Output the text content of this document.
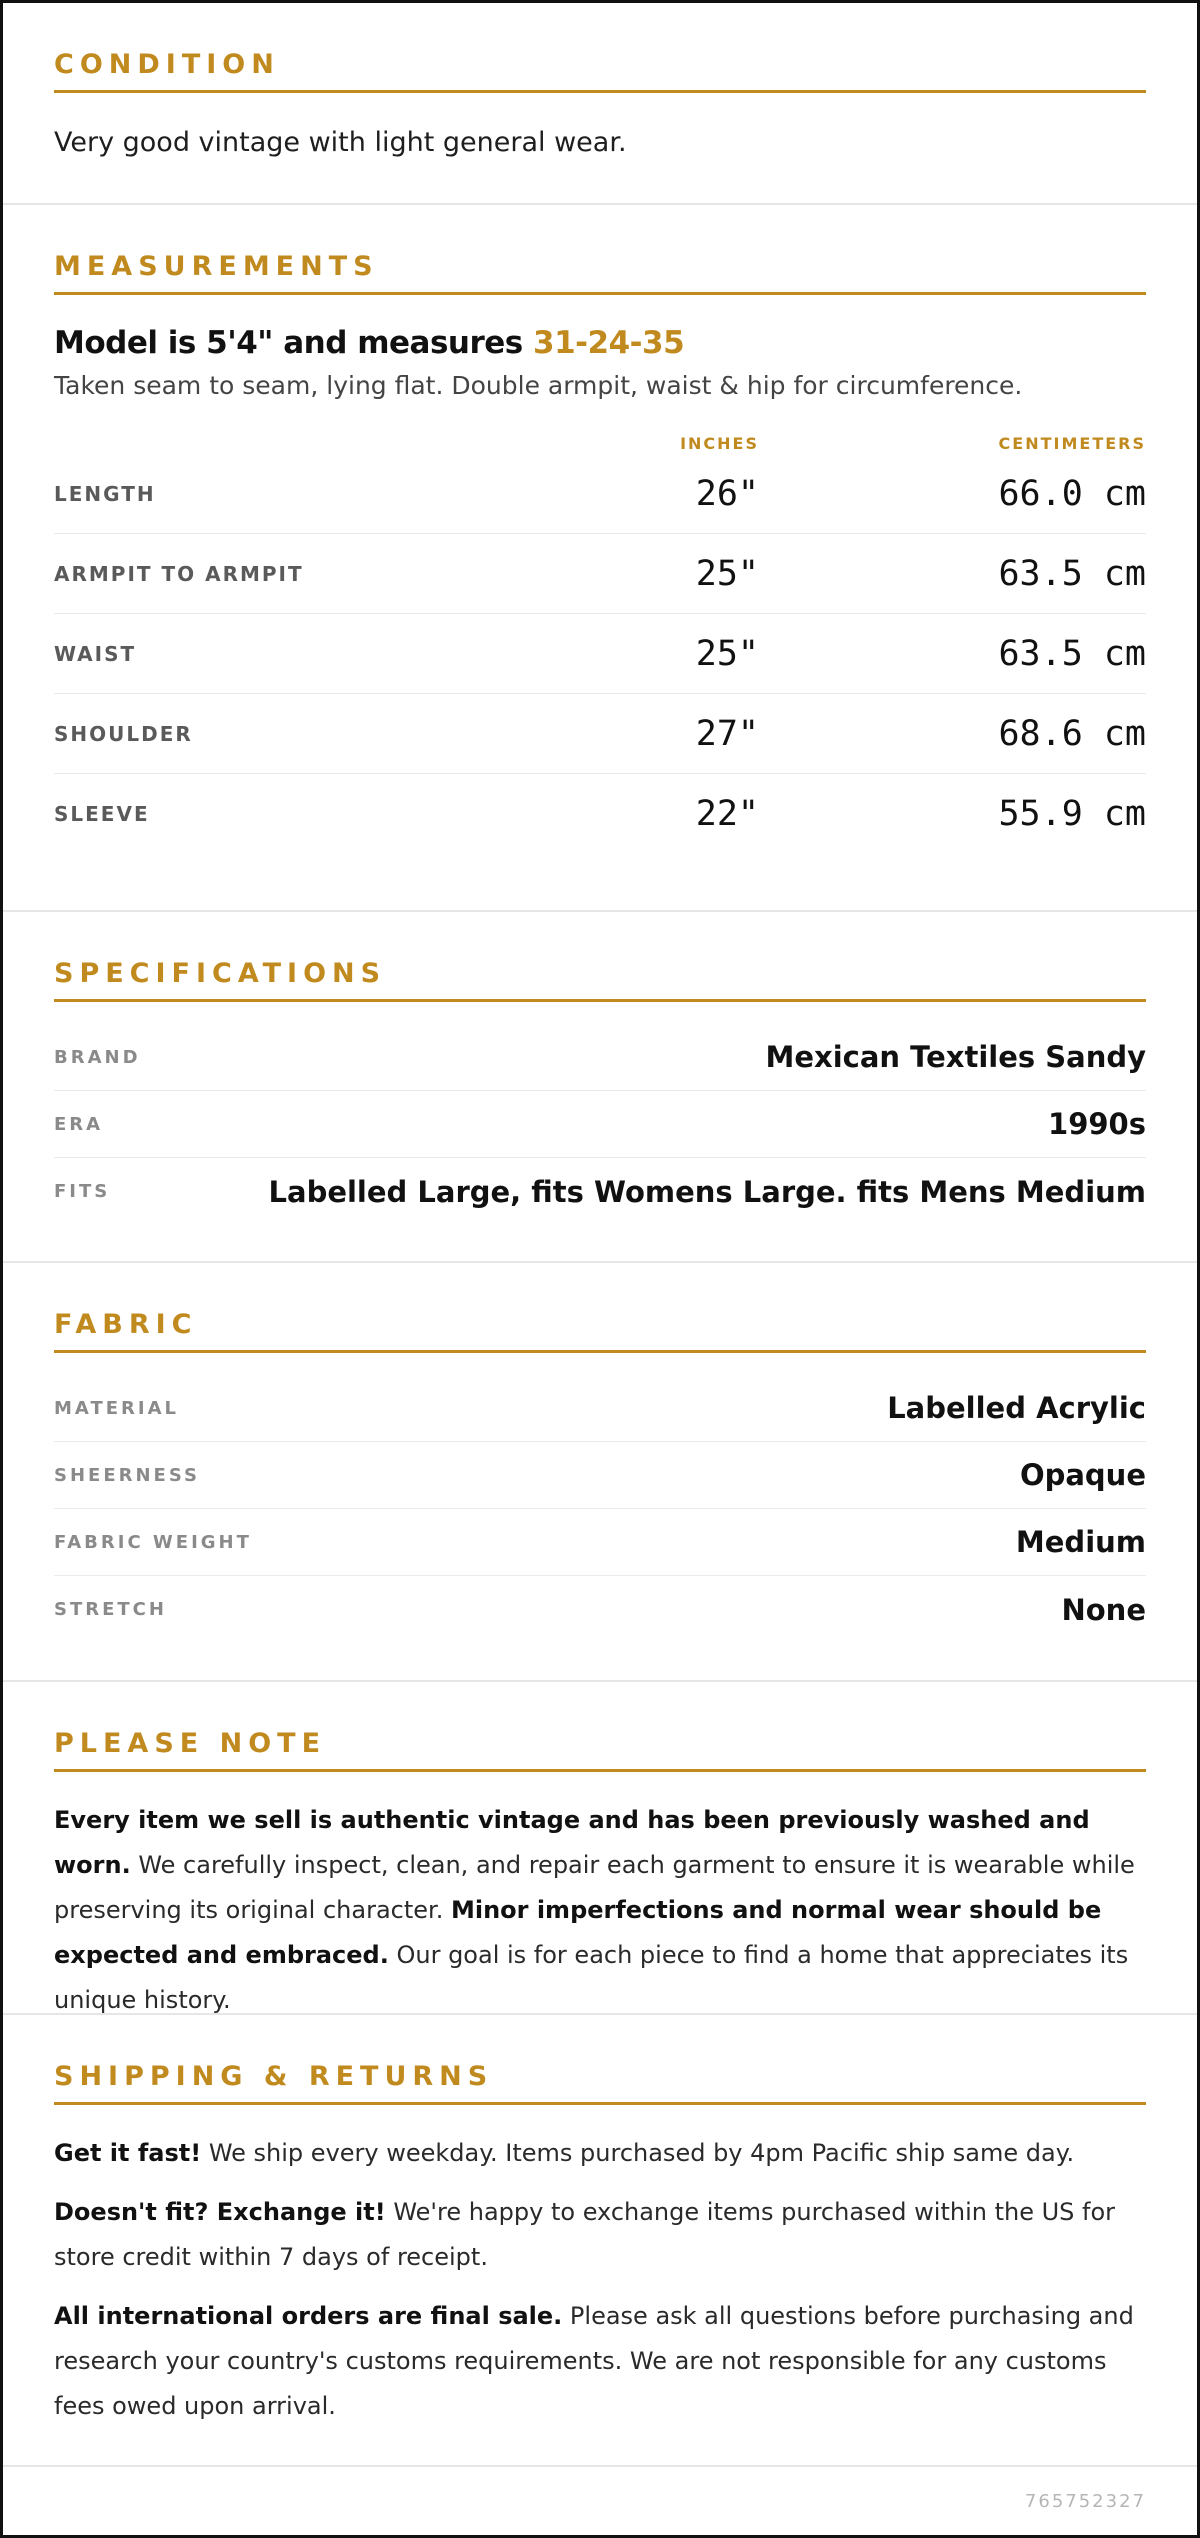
CONDITION
Very good vintage with light general wear.
MEASUREMENTS
Model is 5'4" and measures 31-24-35
Taken seam to seam, lying flat. Double armpit, waist & hip for circumference.
INCHES	CENTIMETERS
LENGTH	26"	66.0 cm
ARMPIT TO ARMPIT	25"	63.5 cm
WAIST	25"	63.5 cm
SHOULDER	27"	68.6 cm
SLEEVE	22"	55.9 cm
SPECIFICATIONS
BRAND	Mexican Textiles Sandy
ERA	1990s
FITS	Labelled Large, fits Womens Large. fits Mens Medium
FABRIC
MATERIAL	Labelled Acrylic
SHEERNESS	Opaque
FABRIC WEIGHT	Medium
STRETCH	None
PLEASE NOTE

Every item we sell is authentic vintage and has been previously washed and worn. We carefully inspect, clean, and repair each garment to ensure it is wearable while preserving its original character. Minor imperfections and normal wear should be expected and embraced. Our goal is for each piece to find a home that appreciates its unique history.

SHIPPING & RETURNS

Get it fast! We ship every weekday. Items purchased by 4pm Pacific ship same day.

Doesn't fit? Exchange it! We're happy to exchange items purchased within the US for store credit within 7 days of receipt.

All international orders are final sale. Please ask all questions before purchasing and research your country's customs requirements. We are not responsible for any customs fees owed upon arrival.

765752327
